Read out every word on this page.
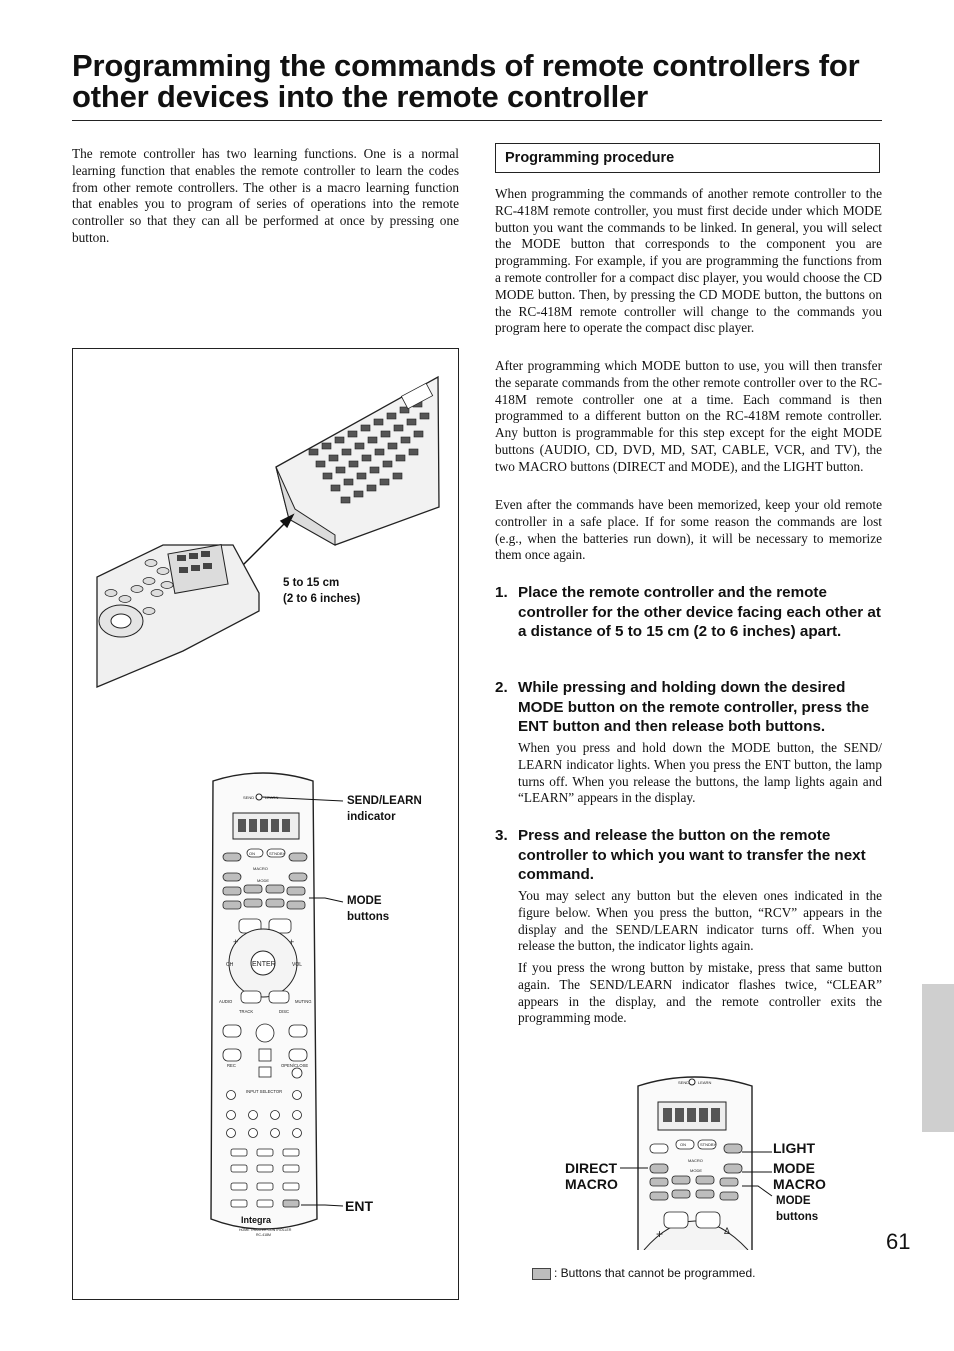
Programming the commands of remote controllers for other devices into the remote controller

The remote controller has two learning functions. One is a normal learning function that enables the remote controller to learn the codes from other remote controllers. The other is a macro learning function that enables you to program of series of operations into the remote controller so that they can all be performed at once by pressing one button.

Programming procedure

When programming the commands of another remote controller to the RC-418M remote controller, you must first decide under which MODE button you want the commands to be linked. In general, you will select the MODE button that corresponds to the component you are programming. For example, if you are programming the functions from a remote controller for a compact disc player, you would choose the CD MODE button. Then, by pressing the CD MODE button, the buttons on the RC-418M remote controller will change to the commands you program here to operate the compact disc player.

After programming which MODE button to use, you will then transfer the separate commands from the other remote controller over to the RC-418M remote controller one at a time. Each command is then programmed to a different button on the RC-418M remote controller. Any button is programmable for this step except for the eight MODE buttons (AUDIO, CD, DVD, MD, SAT, CABLE, VCR, and TV), the two MACRO buttons (DIRECT and MODE), and the LIGHT button.

Even after the commands have been memorized, keep your old remote controller in a safe place. If for some reason the commands are lost (e.g., when the batteries run down), it will be necessary to memorize them once again.

1. Place the remote controller and the remote controller for the other device facing each other at a distance of 5 to 15 cm (2 to 6 inches) apart.
2. While pressing and holding down the desired MODE button on the remote controller, press the ENT button and then release both buttons.

When you press and hold down the MODE button, the SEND/ LEARN indicator lights. When you press the ENT button, the lamp turns off. When you release the buttons, the lamp lights again and “LEARN” appears in the display.

3. Press and release the button on the remote controller to which you want to transfer the next command.

You may select any button but the eleven ones indicated in the figure below. When you press the button, “RCV” appears in the display and the SEND/LEARN indicator turns off. When you release the button, the indicator lights again.

If you press the wrong button by mistake, press that same button again. The SEND/LEARN indicator flashes twice, “CLEAR” appears in the display, and the remote controller exits the programming mode.

SEND	LEARN
ON	STNDBY
MACRO
MODE
ENTER
CH	VOL
+	+
AUDIO	MUTING
TRACK	DISC
REC	OPEN/CLOSE
INPUT SELECTOR
Integra
HOME THEATER CONTROLLER
RC-418M
5 to 15 cm
(2 to 6 inches)
SEND/LEARN
indicator
MODE
buttons
ENT
SEND LEARN
ON	STNDBY
MACRO
MODE
+	Δ
DIRECT
MACRO
LIGHT
MODE
MACRO
MODE
buttons
: Buttons that cannot be programmed.
61
